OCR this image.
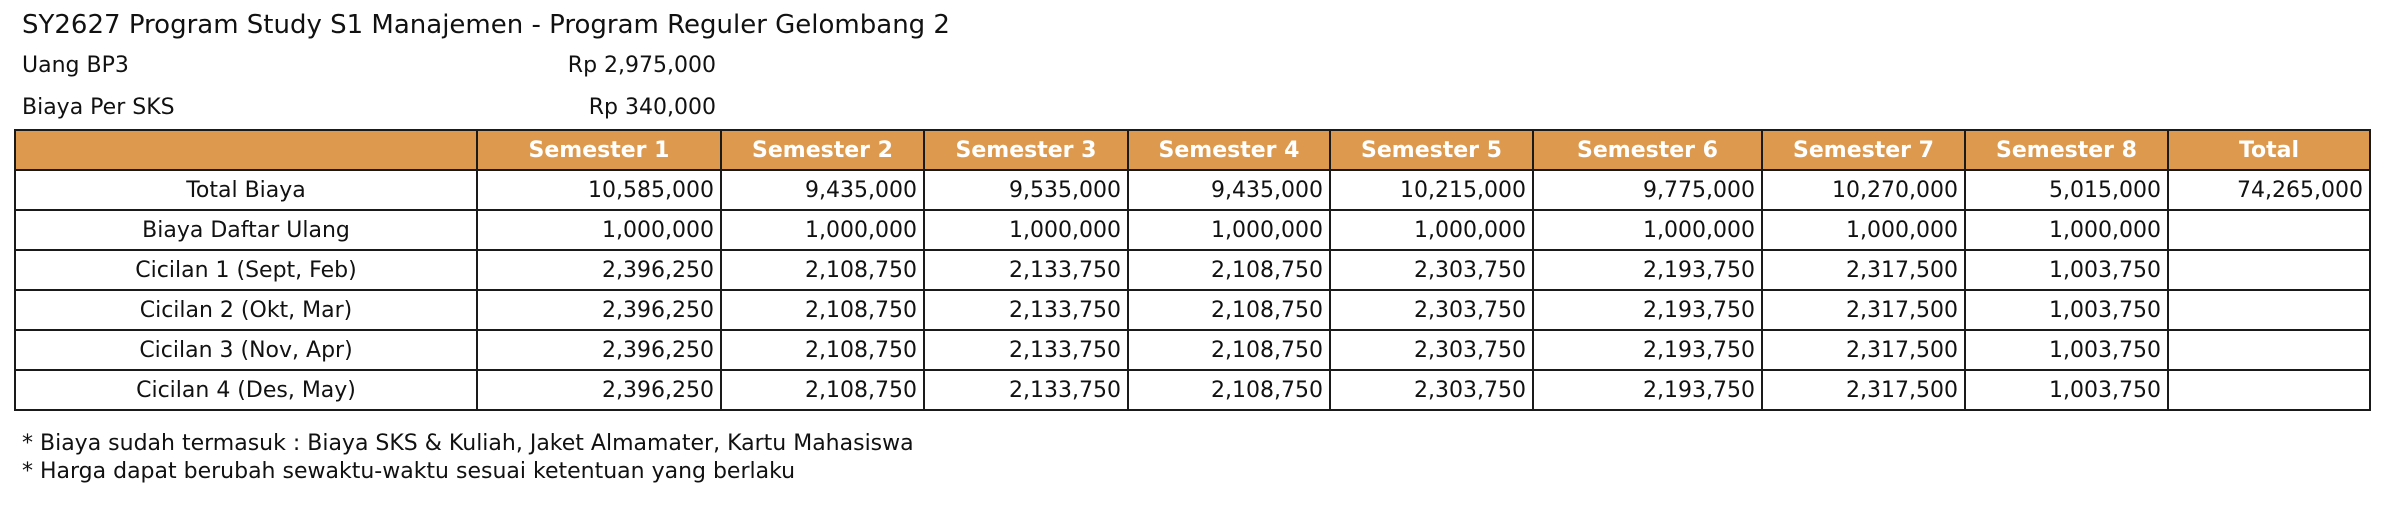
SY2627 Program Study S1 Manajemen - Program Reguler Gelombang 2
Uang BP3	Rp 2,975,000
Biaya Per SKS	Rp 340,000
	Semester 1	Semester 2	Semester 3	Semester 4	Semester 5	Semester 6	Semester 7	Semester 8	Total
Total Biaya	10,585,000	9,435,000	9,535,000	9,435,000	10,215,000	9,775,000	10,270,000	5,015,000	74,265,000
Biaya Daftar Ulang	1,000,000	1,000,000	1,000,000	1,000,000	1,000,000	1,000,000	1,000,000	1,000,000	
Cicilan 1 (Sept, Feb)	2,396,250	2,108,750	2,133,750	2,108,750	2,303,750	2,193,750	2,317,500	1,003,750	
Cicilan 2 (Okt, Mar)	2,396,250	2,108,750	2,133,750	2,108,750	2,303,750	2,193,750	2,317,500	1,003,750	
Cicilan 3 (Nov, Apr)	2,396,250	2,108,750	2,133,750	2,108,750	2,303,750	2,193,750	2,317,500	1,003,750	
Cicilan 4 (Des, May)	2,396,250	2,108,750	2,133,750	2,108,750	2,303,750	2,193,750	2,317,500	1,003,750	
* Biaya sudah termasuk : Biaya SKS & Kuliah, Jaket Almamater, Kartu Mahasiswa
* Harga dapat berubah sewaktu-waktu sesuai ketentuan yang berlaku
